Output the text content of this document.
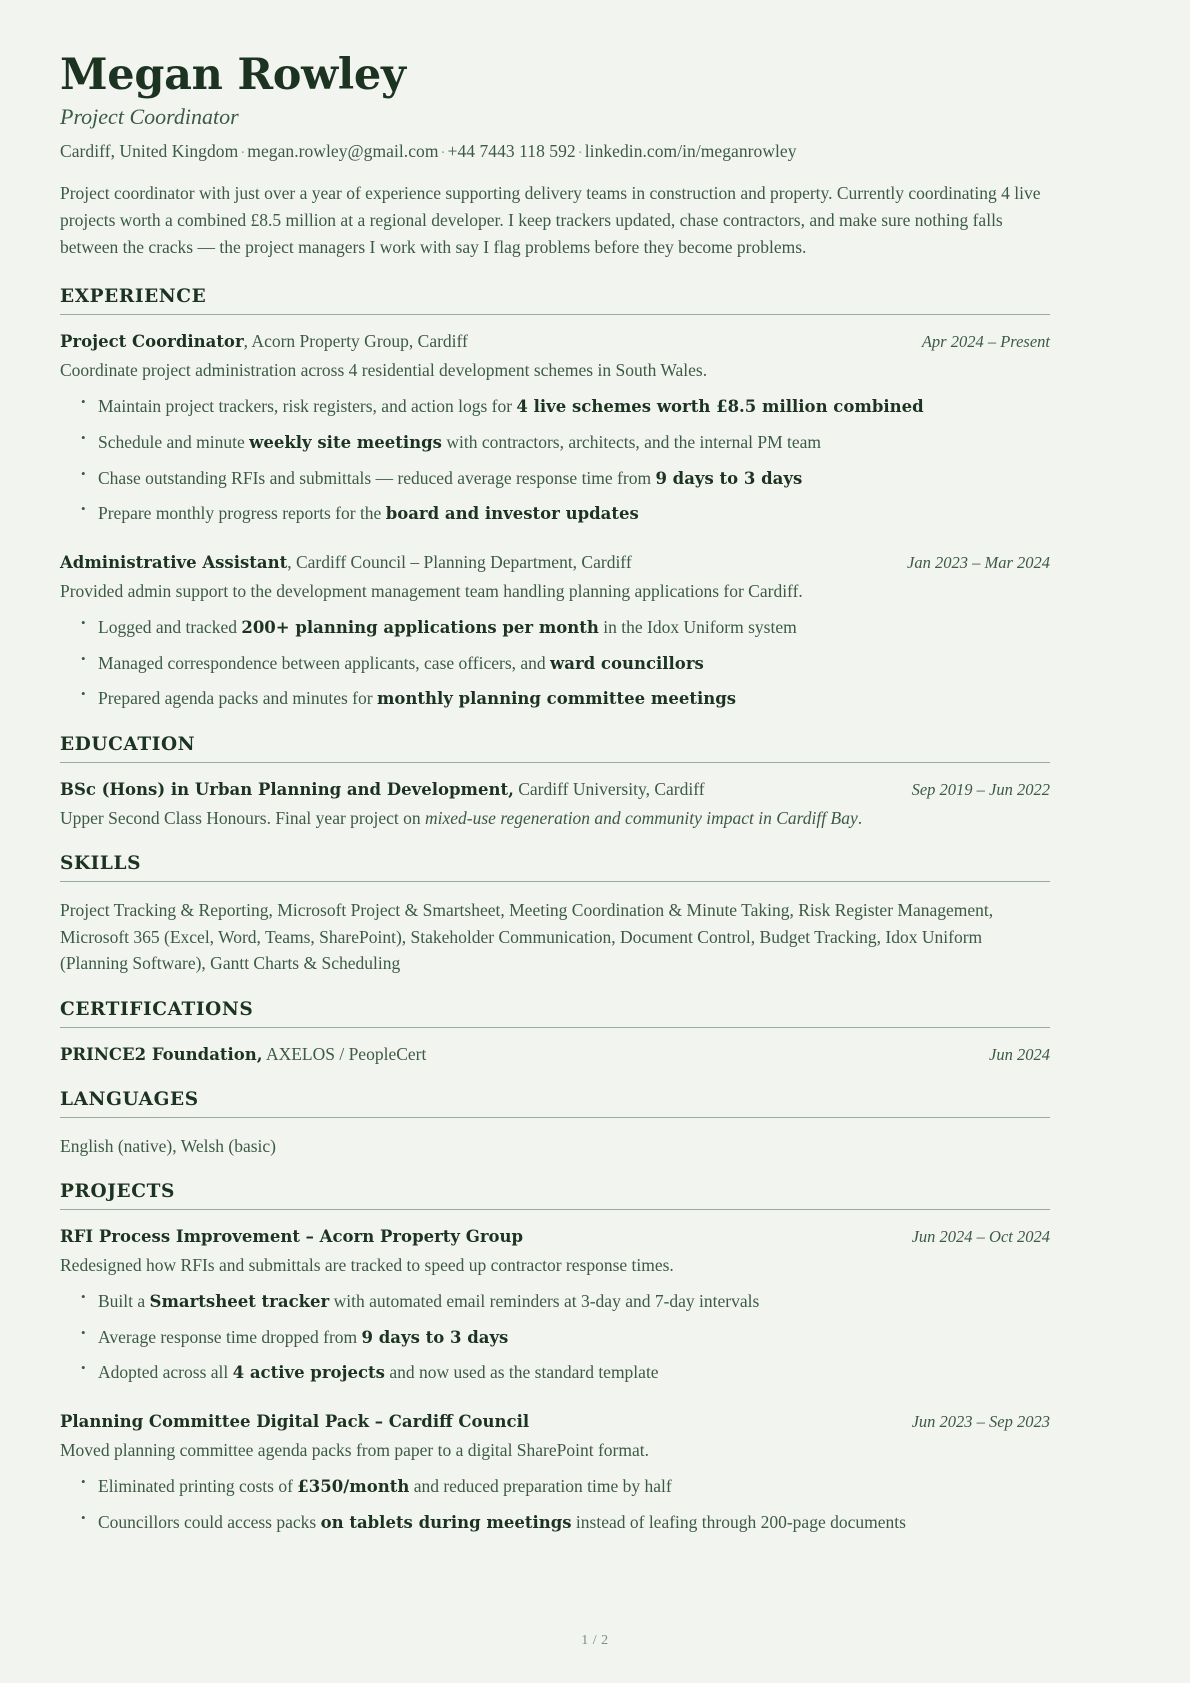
Megan Rowley
Project Coordinator
Cardiff, United Kingdom · megan.rowley@gmail.com · +44 7443 118 592 · linkedin.com/in/meganrowley

Project coordinator with just over a year of experience supporting delivery teams in construction and property. Currently coordinating 4 live projects worth a combined £8.5 million at a regional developer. I keep trackers updated, chase contractors, and make sure nothing falls between the cracks — the project managers I work with say I flag problems before they become problems.

EXPERIENCE
Project Coordinator, Acorn Property Group, Cardiff	Apr 2024 – Present
Coordinate project administration across 4 residential development schemes in South Wales.
• Maintain project trackers, risk registers, and action logs for 4 live schemes worth £8.5 million combined
• Schedule and minute weekly site meetings with contractors, architects, and the internal PM team
• Chase outstanding RFIs and submittals — reduced average response time from 9 days to 3 days
• Prepare monthly progress reports for the board and investor updates
Administrative Assistant, Cardiff Council – Planning Department, Cardiff	Jan 2023 – Mar 2024
Provided admin support to the development management team handling planning applications for Cardiff.
• Logged and tracked 200+ planning applications per month in the Idox Uniform system
• Managed correspondence between applicants, case officers, and ward councillors
• Prepared agenda packs and minutes for monthly planning committee meetings
EDUCATION
BSc (Hons) in Urban Planning and Development, Cardiff University, Cardiff	Sep 2019 – Jun 2022
Upper Second Class Honours. Final year project on mixed-use regeneration and community impact in Cardiff Bay.
SKILLS

Project Tracking & Reporting, Microsoft Project & Smartsheet, Meeting Coordination & Minute Taking, Risk Register Management, Microsoft 365 (Excel, Word, Teams, SharePoint), Stakeholder Communication, Document Control, Budget Tracking, Idox Uniform (Planning Software), Gantt Charts & Scheduling

CERTIFICATIONS
PRINCE2 Foundation, AXELOS / PeopleCert	Jun 2024
LANGUAGES

English (native), Welsh (basic)

PROJECTS
RFI Process Improvement – Acorn Property Group	Jun 2024 – Oct 2024
Redesigned how RFIs and submittals are tracked to speed up contractor response times.
• Built a Smartsheet tracker with automated email reminders at 3-day and 7-day intervals
• Average response time dropped from 9 days to 3 days
• Adopted across all 4 active projects and now used as the standard template
Planning Committee Digital Pack – Cardiff Council	Jun 2023 – Sep 2023
Moved planning committee agenda packs from paper to a digital SharePoint format.
• Eliminated printing costs of £350/month and reduced preparation time by half
• Councillors could access packs on tablets during meetings instead of leafing through 200-page documents
1 / 2
